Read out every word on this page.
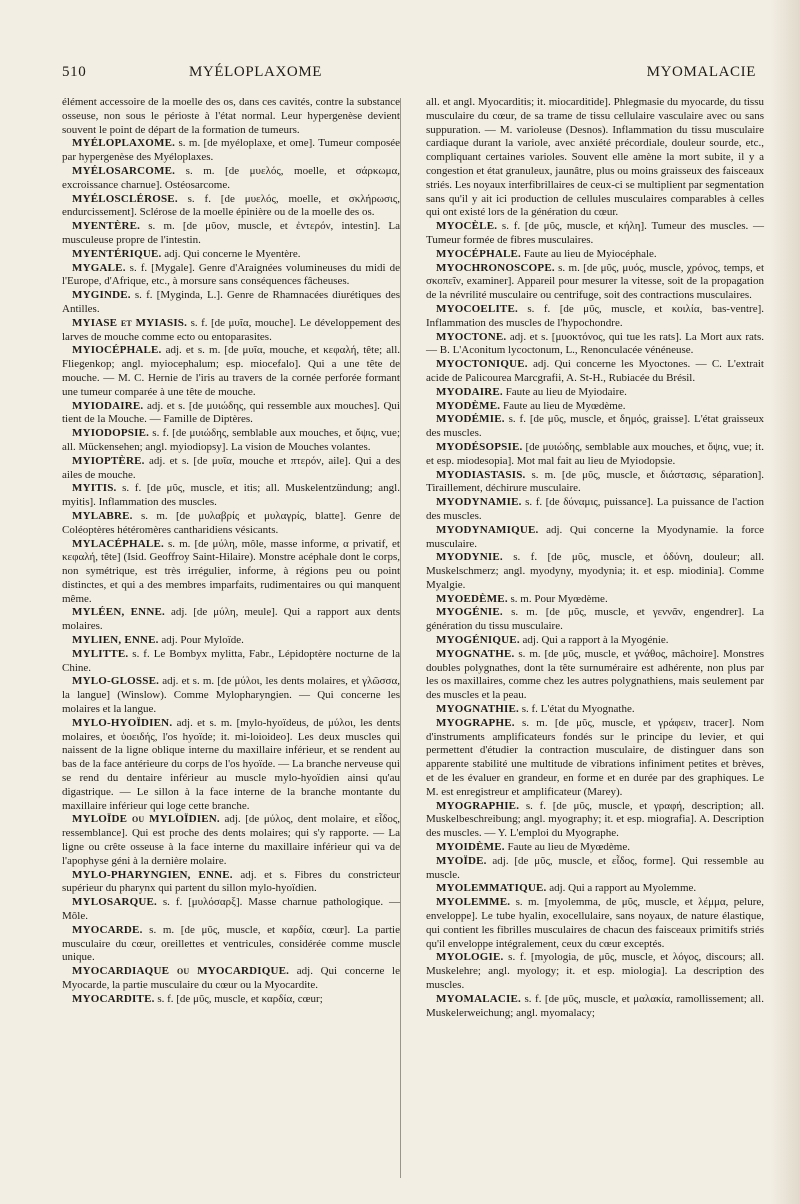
510	MYÉLOPLAXOME	MYOMALACIE

élément accessoire de la moelle des os, dans ces cavités, contre la substance osseuse, non sous le périoste à l'état normal. Leur hypergenèse devient souvent le point de départ de la formation de tumeurs.

MYÉLOPLAXOME. s. m. [de myéloplaxe, et ome]. Tumeur composée par hypergenèse des Myéloplaxes.

MYÉLOSARCOME. s. m. [de μυελός, moelle, et σάρκωμα, excroissance charnue]. Ostéosarcome.

MYÉLOSCLÉROSE. s. f. [de μυελός, moelle, et σκλήρωσις, endurcissement]. Sclérose de la moelle épinière ou de la moelle des os.

MYENTÈRE. s. m. [de μῦον, muscle, et ἐντερόν, intestin]. La musculeuse propre de l'intestin.

MYENTÉRIQUE. adj. Qui concerne le Myentère.

MYGALE. s. f. [Mygale]. Genre d'Araignées volumineuses du midi de l'Europe, d'Afrique, etc., à morsure sans conséquences fâcheuses.

MYGINDE. s. f. [Myginda, L.]. Genre de Rhamnacées diurétiques des Antilles.

MYIASE et MYIASIS. s. f. [de μυῖα, mouche]. Le développement des larves de mouche comme ecto ou entoparasites.

MYIOCÉPHALE. adj. et s. m. [de μυῖα, mouche, et κεφαλή, tête; all. Fliegenkop; angl. myiocephalum; esp. miocefalo]. Qui a une tête de mouche. — M. C. Hernie de l'iris au travers de la cornée perforée formant une tumeur comparée à une tête de mouche.

MYIODAIRE. adj. et s. [de μυιώδης, qui ressemble aux mouches]. Qui tient de la Mouche. — Famille de Diptères.

MYIODOPSIE. s. f. [de μυιώδης, semblable aux mouches, et ὄψις, vue; all. Mückensehen; angl. myiodiopsy]. La vision de Mouches volantes.

MYIOPTÈRE. adj. et s. [de μυῖα, mouche et πτερόν, aile]. Qui a des ailes de mouche.

MYITIS. s. f. [de μῦς, muscle, et itis; all. Muskelentzündung; angl. myitis]. Inflammation des muscles.

MYLABRE. s. m. [de μυλαβρίς et μυλαγρίς, blatte]. Genre de Coléoptères hétéromères cantharidiens vésicants.

MYLACÉPHALE. s. m. [de μύλη, môle, masse informe, α privatif, et κεφαλή, tête] (Isid. Geoffroy Saint-Hilaire). Monstre acéphale dont le corps, non symétrique, est très irrégulier, informe, à régions peu ou point distinctes, et qui a des membres imparfaits, rudimentaires ou qui manquent même.

MYLÉEN, ENNE. adj. [de μύλη, meule]. Qui a rapport aux dents molaires.

MYLIEN, ENNE. adj. Pour Myloïde.

MYLITTE. s. f. Le Bombyx mylitta, Fabr., Lépidoptère nocturne de la Chine.

MYLO-GLOSSE. adj. et s. m. [de μύλοι, les dents molaires, et γλῶσσα, la langue] (Winslow). Comme Mylopharyngien. — Qui concerne les molaires et la langue.

MYLO-HYOÏDIEN. adj. et s. m. [mylo-hyoïdeus, de μύλοι, les dents molaires, et ὑοειδής, l'os hyoïde; it. mi-loioideo]. Les deux muscles qui naissent de la ligne oblique interne du maxillaire inférieur, et se rendent au bas de la face antérieure du corps de l'os hyoïde. — La branche nerveuse qui se rend du dentaire inférieur au muscle mylo-hyoïdien ainsi qu'au digastrique. — Le sillon à la face interne de la branche montante du maxillaire inférieur qui loge cette branche.

MYLOÏDE ou MYLOÏDIEN. adj. [de μύλος, dent molaire, et εἶδος, ressemblance]. Qui est proche des dents molaires; qui s'y rapporte. — La ligne ou crête osseuse à la face interne du maxillaire inférieur qui va de l'apophyse géni à la dernière molaire.

MYLO-PHARYNGIEN, ENNE. adj. et s. Fibres du constricteur supérieur du pharynx qui partent du sillon mylo-hyoïdien.

MYLOSARQUE. s. f. [μυλόσαρξ]. Masse charnue pathologique. — Môle.

MYOCARDE. s. m. [de μῦς, muscle, et καρδία, cœur]. La partie musculaire du cœur, oreillettes et ventricules, considérée comme muscle unique.

MYOCARDIAQUE ou MYOCARDIQUE. adj. Qui concerne le Myocarde, la partie musculaire du cœur ou la Myocardite.

MYOCARDITE. s. f. [de μῦς, muscle, et καρδία, cœur;

all. et angl. Myocarditis; it. miocarditide]. Phlegmasie du myocarde, du tissu musculaire du cœur, de sa trame de tissu cellulaire vasculaire avec ou sans suppuration. — M. varioleuse (Desnos). Inflammation du tissu musculaire cardiaque durant la variole, avec anxiété précordiale, douleur sourde, etc., compliquant certaines varioles. Souvent elle amène la mort subite, il y a congestion et état granuleux, jaunâtre, plus ou moins graisseux des faisceaux striés. Les noyaux interfibrillaires de ceux-ci se multiplient par segmentation sans qu'il y ait ici production de cellules musculaires comparables à celles qui ont existé lors de la génération du cœur.

MYOCÈLE. s. f. [de μῦς, muscle, et κήλη]. Tumeur des muscles. — Tumeur formée de fibres musculaires.

MYOCÉPHALE. Faute au lieu de Myiocéphale.

MYOCHRONOSCOPE. s. m. [de μῦς, μυός, muscle, χρόνος, temps, et σκοπεῖν, examiner]. Appareil pour mesurer la vitesse, soit de la propagation de la névrilité musculaire ou centrifuge, soit des contractions musculaires.

MYOCOELITE. s. f. [de μῦς, muscle, et κοιλία, bas-ventre]. Inflammation des muscles de l'hypochondre.

MYOCTONE. adj. et s. [μυοκτόνος, qui tue les rats]. La Mort aux rats. — B. L'Aconitum lycoctonum, L., Renonculacée vénéneuse.

MYOCTONIQUE. adj. Qui concerne les Myoctones. — C. L'extrait acide de Palicourea Marcgrafii, A. St-H., Rubiacée du Brésil.

MYODAIRE. Faute au lieu de Myiodaire.

MYODÈME. Faute au lieu de Myœdème.

MYODÉMIE. s. f. [de μῦς, muscle, et δημός, graisse]. L'état graisseux des muscles.

MYODÉSOPSIE. [de μυιώδης, semblable aux mouches, et ὄψις, vue; it. et esp. miodesopia]. Mot mal fait au lieu de Myiodopsie.

MYODIASTASIS. s. m. [de μῦς, muscle, et διάστασις, séparation]. Tiraillement, déchirure musculaire.

MYODYNAMIE. s. f. [de δύναμις, puissance]. La puissance de l'action des muscles.

MYODYNAMIQUE. adj. Qui concerne la Myodynamie. la force musculaire.

MYODYNIE. s. f. [de μῦς, muscle, et ὀδύνη, douleur; all. Muskelschmerz; angl. myodyny, myodynia; it. et esp. miodinia]. Comme Myalgie.

MYOEDÈME. s. m. Pour Myœdème.

MYOGÉNIE. s. m. [de μῦς, muscle, et γεννᾶν, engendrer]. La génération du tissu musculaire.

MYOGÉNIQUE. adj. Qui a rapport à la Myogénie.

MYOGNATHE. s. m. [de μῦς, muscle, et γνάθος, mâchoire]. Monstres doubles polygnathes, dont la tête surnuméraire est adhérente, non plus par les os maxillaires, comme chez les autres polygnathiens, mais seulement par des muscles et la peau.

MYOGNATHIE. s. f. L'état du Myognathe.

MYOGRAPHE. s. m. [de μῦς, muscle, et γράφειν, tracer]. Nom d'instruments amplificateurs fondés sur le principe du levier, et qui permettent d'étudier la contraction musculaire, de distinguer dans son apparente stabilité une multitude de vibrations infiniment petites et brèves, et de les évaluer en grandeur, en forme et en durée par des graphiques. Le M. est enregistreur et amplificateur (Marey).

MYOGRAPHIE. s. f. [de μῦς, muscle, et γραφή, description; all. Muskelbeschreibung; angl. myography; it. et esp. miografia]. A. Description des muscles. — Y. L'emploi du Myographe.

MYOIDÈME. Faute au lieu de Myœdème.

MYOÏDE. adj. [de μῦς, muscle, et εἶδος, forme]. Qui ressemble au muscle.

MYOLEMMATIQUE. adj. Qui a rapport au Myolemme.

MYOLEMME. s. m. [myolemma, de μῦς, muscle, et λέμμα, pelure, enveloppe]. Le tube hyalin, exocellulaire, sans noyaux, de nature élastique, qui contient les fibrilles musculaires de chacun des faisceaux primitifs striés qu'il enveloppe intégralement, ceux du cœur exceptés.

MYOLOGIE. s. f. [myologia, de μῦς, muscle, et λόγος, discours; all. Muskelehre; angl. myology; it. et esp. miologia]. La description des muscles.

MYOMALACIE. s. f. [de μῦς, muscle, et μαλακία, ramollissement; all. Muskelerweichung; angl. myomalacy;
